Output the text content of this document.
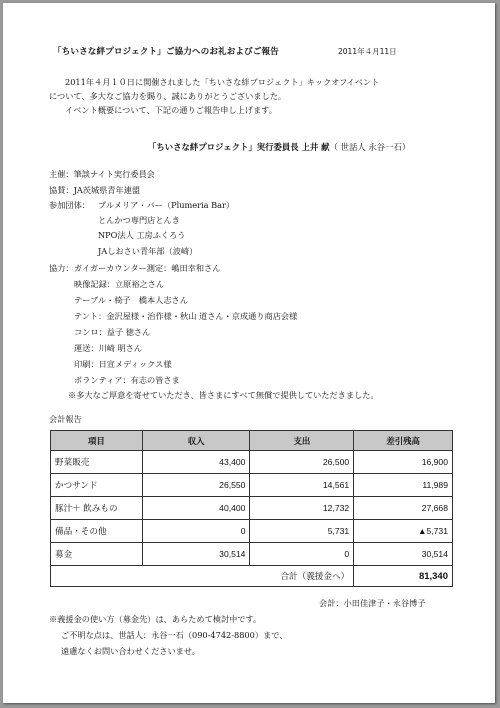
「ちいさな絆プロジェクト」ご協力へのお礼およびご報告	2011年４月11日
2011年４月１０日に開催されました「ちいさな絆プロジェクト」キックオフイベント
について、多大なご協力を賜り、誠にありがとうございました。
イベント概要について、下記の通りご報告申し上げます。
「ちいさな絆プロジェクト」実行委員長 上井 献（ 世話人 永谷一石）
主催：筆談ナイト実行委員会
協賛：JA茨城県青年連盟
参加団体： プルメリア・バー（Plumeria Bar）
とんかつ専門店とんき
NPO法人 工房ふくろう
JAしおさい青年部（波崎）
協力： ガイガーカウンター測定：嶋田幸和さん
映像記録：立原裕之さん
テーブル・椅子　橋本人志さん
テント：金沢屋様・治作様・秋山 道さん・京成通り商店会様
コンロ：益子 徳さん
運送：川崎 明さん
印刷：日宣メディックス様
ボランティア：有志の皆さま
※多大なご厚意を寄せていただき、皆さまにすべて無償で提供していただきました。
会計報告
項目	収入	支出	差引残高
野菜販売	43,400	26,500	16,900
かつサンド	26,550	14,561	11,989
豚汁＋ 飲みもの	40,400	12,732	27,668
備品・その他	0	5,731	▲5,731
募金	30,514	0	30,514
合計（義援金へ）			81,340
会計：小田佳津子・永谷博子
※義援金の使い方（募金先）は、あらためて検討中です。
ご不明な点は、世話人：永谷一石（090-4742-8800）まで、
遠慮なくお問い合わせくださいませ。
